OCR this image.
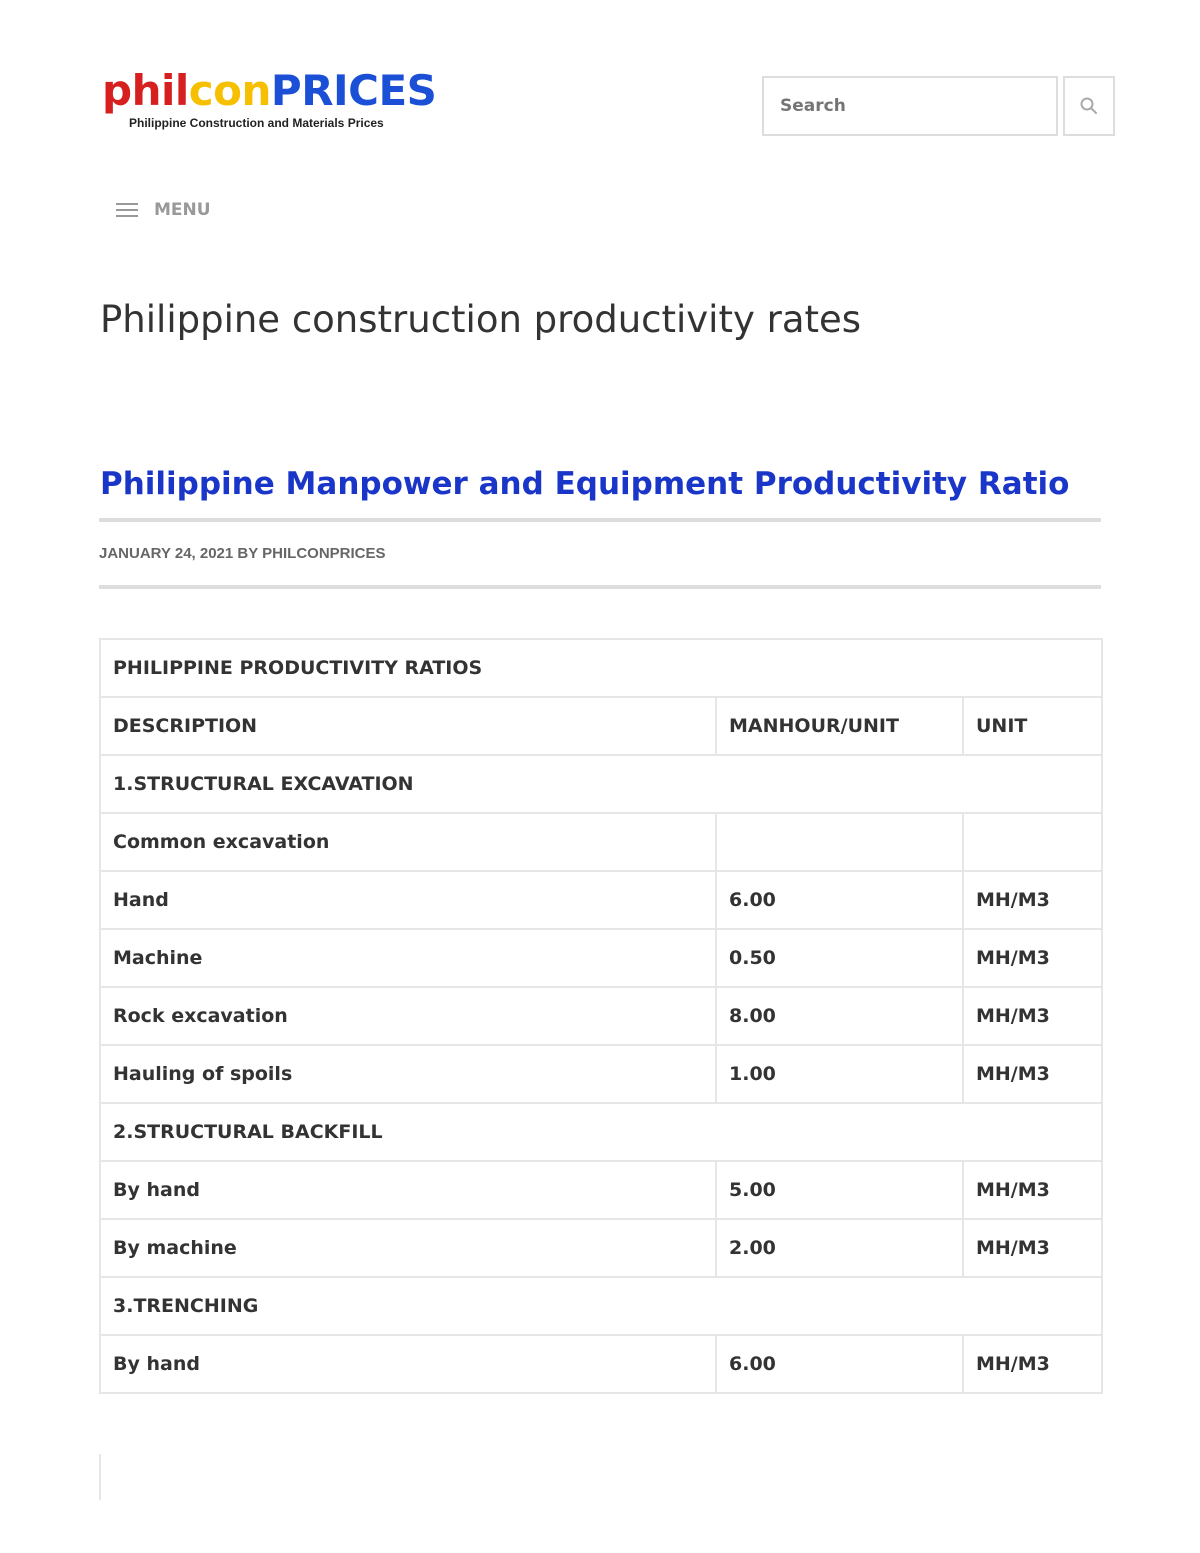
philconPRICES
Philippine Construction and Materials Prices
Search
MENU
Philippine construction productivity rates
Philippine Manpower and Equipment Productivity Ratio
JANUARY 24, 2021 BY PHILCONPRICES
PHILIPPINE PRODUCTIVITY RATIOS		
DESCRIPTION	MANHOUR/UNIT	UNIT
1.STRUCTURAL EXCAVATION		
Common excavation		
Hand	6.00	MH/M3
Machine	0.50	MH/M3
Rock excavation	8.00	MH/M3
Hauling of spoils	1.00	MH/M3
2.STRUCTURAL BACKFILL		
By hand	5.00	MH/M3
By machine	2.00	MH/M3
3.TRENCHING		
By hand	6.00	MH/M3
